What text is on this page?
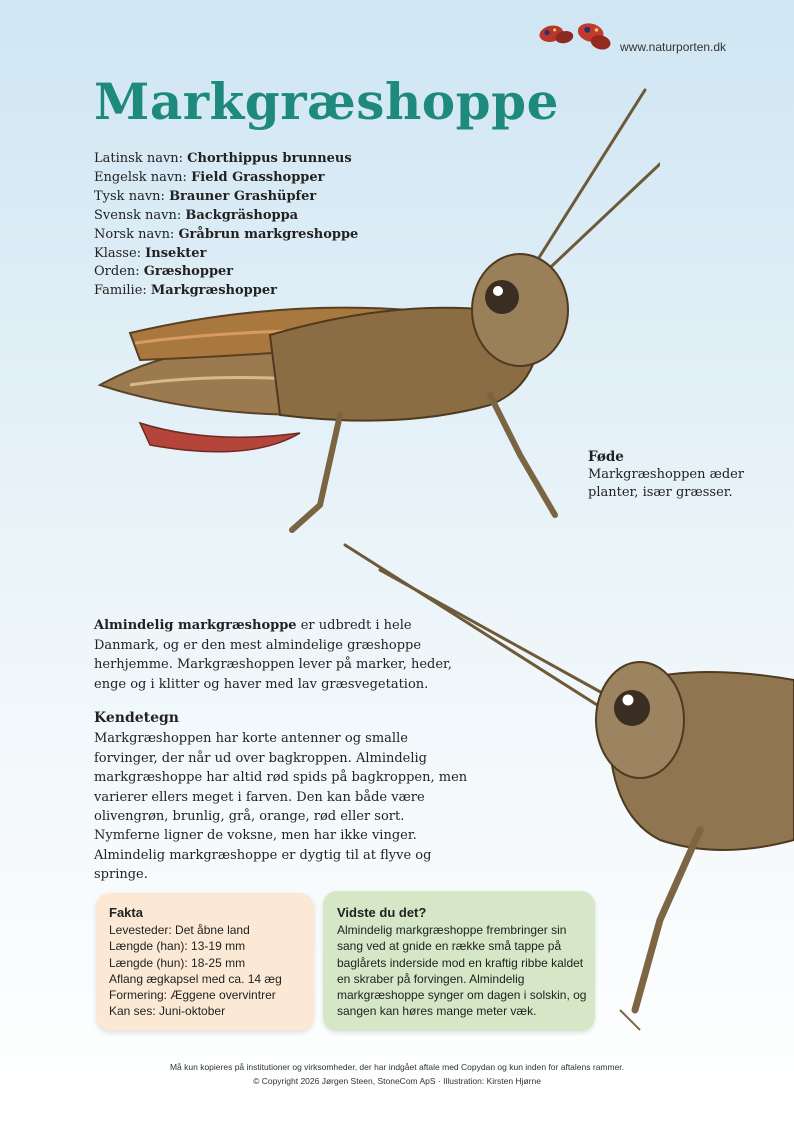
www.naturporten.dk
Markgræshoppe
Latinsk navn: Chorthippus brunneus
Engelsk navn: Field Grasshopper
Tysk navn: Brauner Grashüpfer
Svensk navn: Backgräshoppa
Norsk navn: Gråbrun markgreshoppe
Klasse: Insekter
Orden: Græshopper
Familie: Markgræshopper
Føde
Markgræshoppen æder planter, især græsser.
Almindelig markgræshoppe er udbredt i hele Danmark, og er den mest almindelige græshoppe herhjemme. Markgræshoppen lever på marker, heder, enge og i klitter og haver med lav græsvegetation.
Kendetegn
Markgræshoppen har korte antenner og smalle forvinger, der når ud over bagkroppen. Almindelig markgræshoppe har altid rød spids på bagkroppen, men varierer ellers meget i farven. Den kan både være olivengrøn, brunlig, grå, orange, rød eller sort. Nymferne ligner de voksne, men har ikke vinger. Almindelig markgræshoppe er dygtig til at flyve og springe.
Fakta
Levesteder: Det åbne land
Længde (han): 13-19 mm
Længde (hun): 18-25 mm
Aflang ægkapsel med ca. 14 æg
Formering: Æggene overvintrer
Kan ses: Juni-oktober
Vidste du det?
Almindelig markgræshoppe frembringer sin sang ved at gnide en række små tappe på baglårets inderside mod en kraftig ribbe kaldet en skraber på forvingen. Almindelig markgræshoppe synger om dagen i solskin, og sangen kan høres mange meter væk.
Må kun kopieres på institutioner og virksomheder, der har indgået aftale med Copydan og kun inden for aftalens rammer.
© Copyright 2026 Jørgen Steen, StoneCom ApS · Illustration: Kirsten Hjørne
